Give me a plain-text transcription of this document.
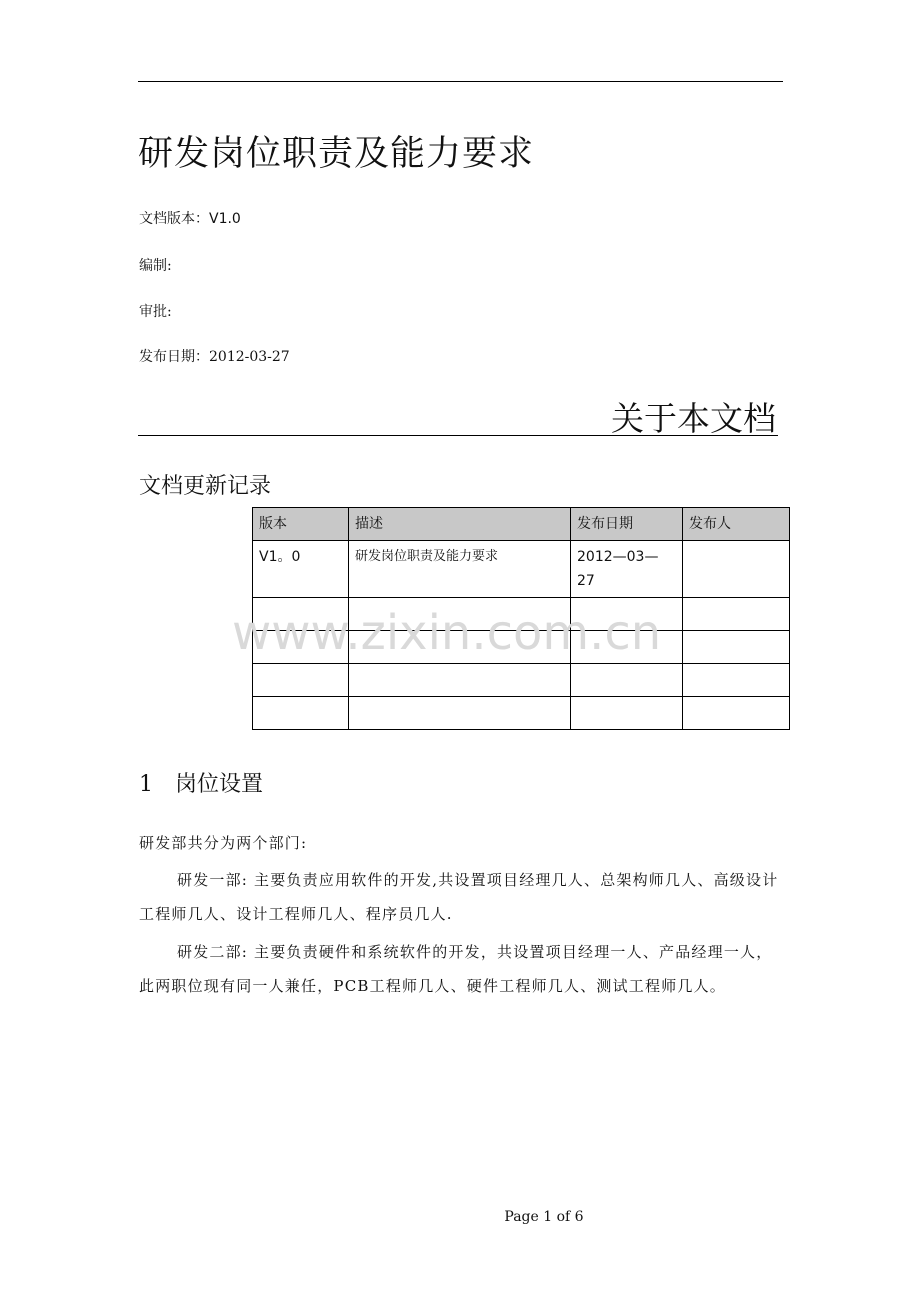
研发岗位职责及能力要求
文档版本：V1.0
编制:
审批:
发布日期：2012-03-27
关于本文档
文档更新记录
版本	描述	发布日期	发布人
V1。0	研发岗位职责及能力要求	2012—03—27	

www.zixin.com.cn
1 岗位设置
研发部共分为两个部门:
研发一部: 主要负责应用软件的开发,共设置项目经理几人、总架构师几人、高级设计工程师几人、设计工程师几人、程序员几人.
研发二部: 主要负责硬件和系统软件的开发，共设置项目经理一人、产品经理一人，此两职位现有同一人兼任，PCB工程师几人、硬件工程师几人、测试工程师几人。
Page 1 of 6
